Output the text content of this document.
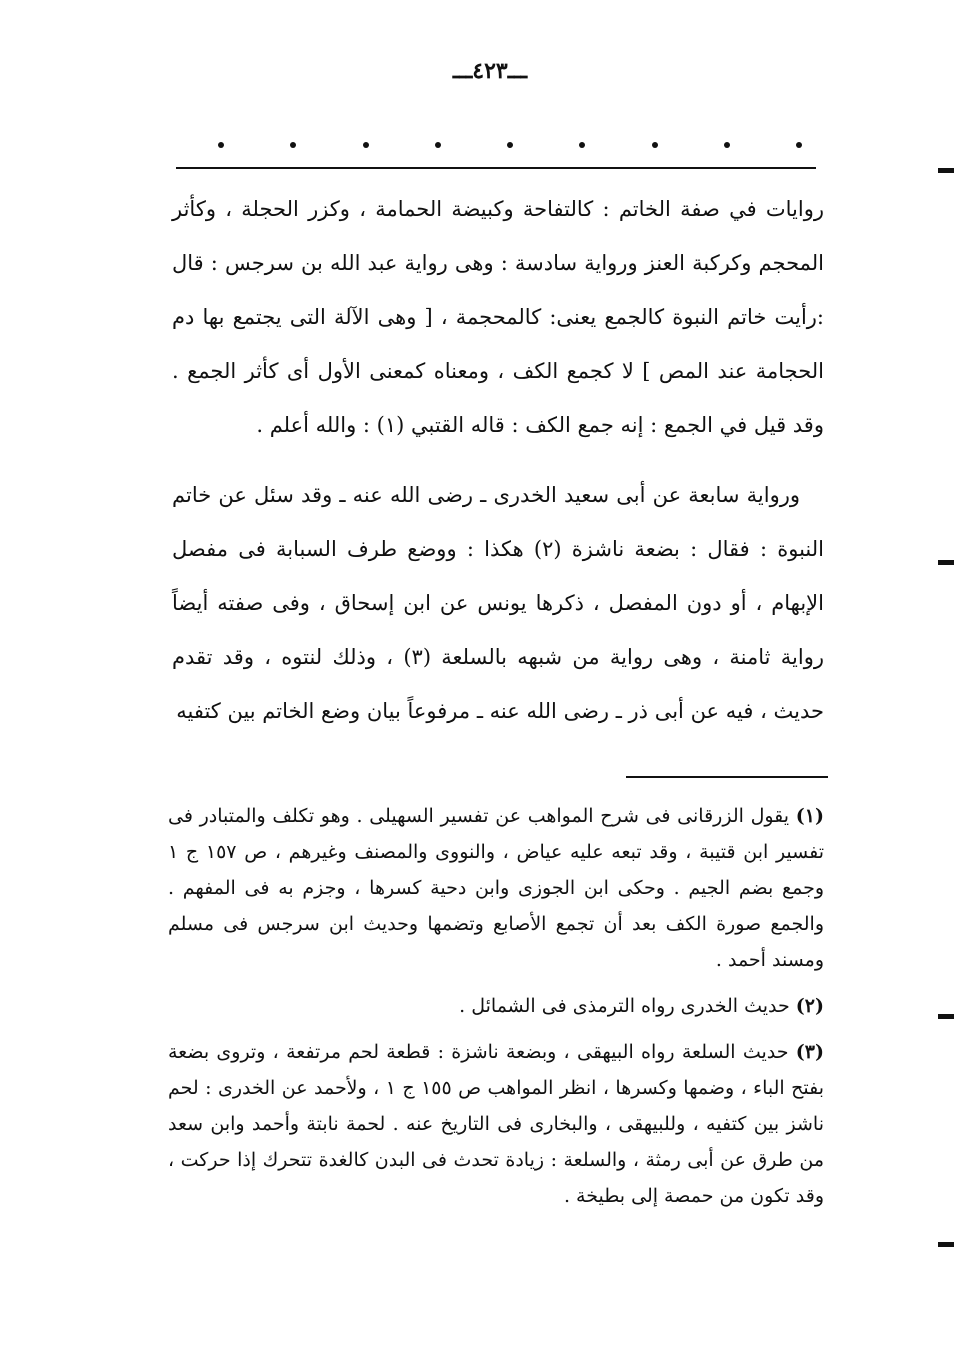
ـــ٤٢٣ـــ

روايات في صفة الخاتم : كالتفاحة وكبيضة الحمامة ، وكزر الحجلة ، وكأثر المحجم وكركبة العنز ورواية سادسة : وهى رواية عبد الله بن سرجس : قال :رأيت خاتم النبوة كالجمع يعنى: كالمحجمة ، [ وهى الآلة التى يجتمع بها دم الحجامة عند المص ] لا كجمع الكف ، ومعناه كمعنى الأول أى كأثر الجمع . وقد قيل في الجمع : إنه جمع الكف : قاله القتبي (١) : والله أعلم .

ورواية سابعة عن أبى سعيد الخدرى ـ رضى الله عنه ـ وقد سئل عن خاتم النبوة : فقال : بضعة ناشزة (٢) هكذا : ووضع طرف السبابة فى مفصل الإبهام ، أو دون المفصل ، ذكرها يونس عن ابن إسحاق ، وفى صفته أيضاً رواية ثامنة ، وهى رواية من شبهه بالسلعة (٣) ، وذلك لنتوه ، وقد تقدم حديث ، فيه عن أبى ذر ـ رضى الله عنه ـ مرفوعاً بيان وضع الخاتم بين كتفيه

(١) يقول الزرقانى فى شرح المواهب عن تفسير السهيلى . وهو تكلف والمتبادر فى تفسير ابن قتيبة ، وقد تبعه عليه عياض ، والنووى والمصنف وغيرهم ، ص ١٥٧ ج ١ وجمع بضم الجيم . وحكى ابن الجوزى وابن دحية كسرها ، وجزم به فى المفهم . والجمع صورة الكف بعد أن تجمع الأصابع وتضمها وحديث ابن سرجس فى مسلم ومسند أحمد .

(٢) حديث الخدرى رواه الترمذى فى الشمائل .

(٣) حديث السلعة رواه البيهقى ، وبضعة ناشزة : قطعة لحم مرتفعة ، وتروى بضعة بفتح الباء ، وضمها وكسرها ، انظر المواهب ص ١٥٥ ج ١ ، ولأحمد عن الخدرى : لحم ناشز بين كتفيه ، وللبيهقى ، والبخارى فى التاريخ عنه . لحمة نابتة وأحمد وابن سعد من طرق عن أبى رمثة ، والسلعة : زيادة تحدث فى البدن كالغدة تتحرك إذا حركت ، وقد تكون من حمصة إلى بطيخة .
